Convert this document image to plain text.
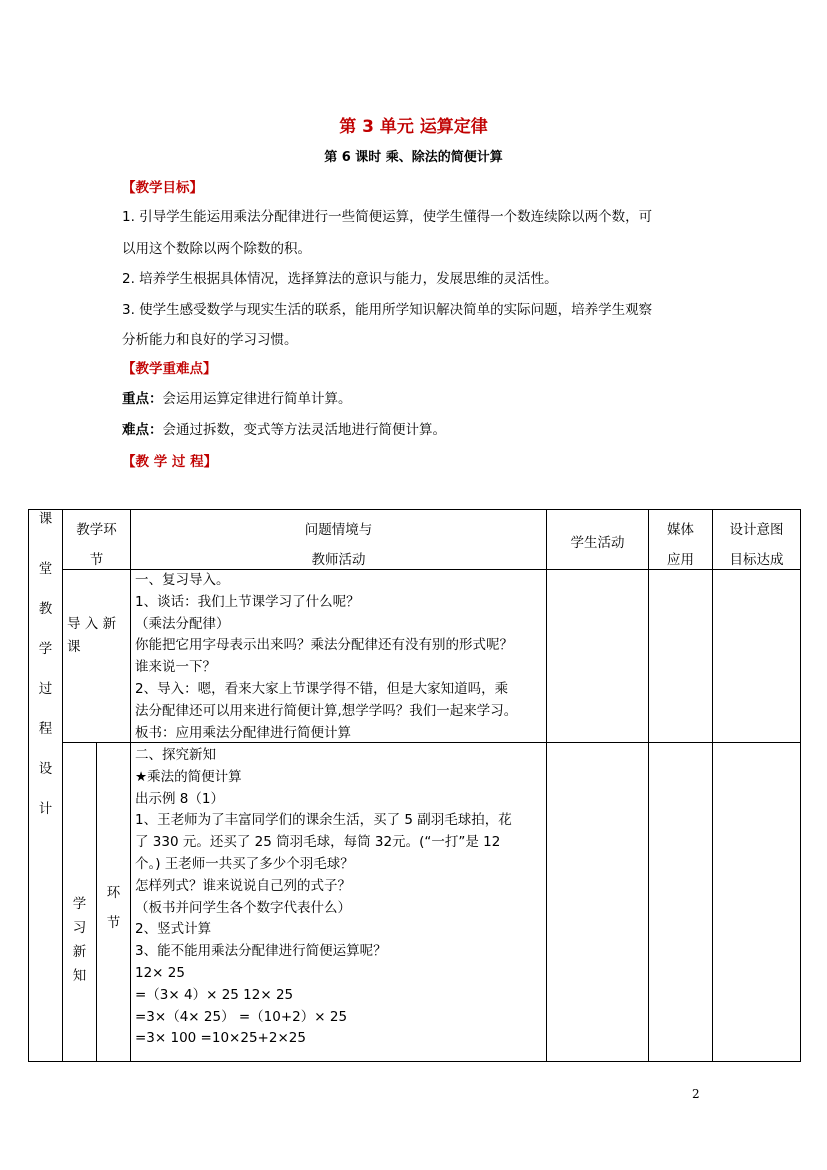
第 3 单元 运算定律
第 6 课时 乘、除法的简便计算
【教学目标】
1. 引导学生能运用乘法分配律进行一些简便运算，使学生懂得一个数连续除以两个数，可
以用这个数除以两个除数的积。
2. 培养学生根据具体情况，选择算法的意识与能力，发展思维的灵活性。
3. 使学生感受数学与现实生活的联系，能用所学知识解决简单的实际问题，培养学生观察
分析能力和良好的学习习惯。
【教学重难点】
重点：会运用运算定律进行简单计算。
难点：会通过拆数，变式等方法灵活地进行简便计算。
【教 学 过 程】
课
堂
教
学
过
程
设
计
教学环
节
问题情境与
教师活动
学生活动
媒体
应用
设计意图
目标达成
导 入 新
课
一、复习导入。
1、谈话：我们上节课学习了什么呢？
（乘法分配律）
你能把它用字母表示出来吗？乘法分配律还有没有别的形式呢？
谁来说一下？
2、导入：嗯，看来大家上节课学得不错，但是大家知道吗，乘
法分配律还可以用来进行简便计算,想学学吗？我们一起来学习。
板书：应用乘法分配律进行简便计算
学
习
新
知
环
节
二、探究新知
★乘法的简便计算
出示例 8（1）
1、王老师为了丰富同学们的课余生活，买了 5 副羽毛球拍，花
了 330 元。还买了 25 筒羽毛球，每筒 32元。(“一打”是 12
个。) 王老师一共买了多少个羽毛球？
怎样列式？谁来说说自己列的式子？
（板书并问学生各个数字代表什么）
2、竖式计算
3、能不能用乘法分配律进行简便运算呢？
12× 25
=（3× 4）× 25 12× 25
=3×（4× 25） =（10+2）× 25
=3× 100 =10×25+2×25
2
